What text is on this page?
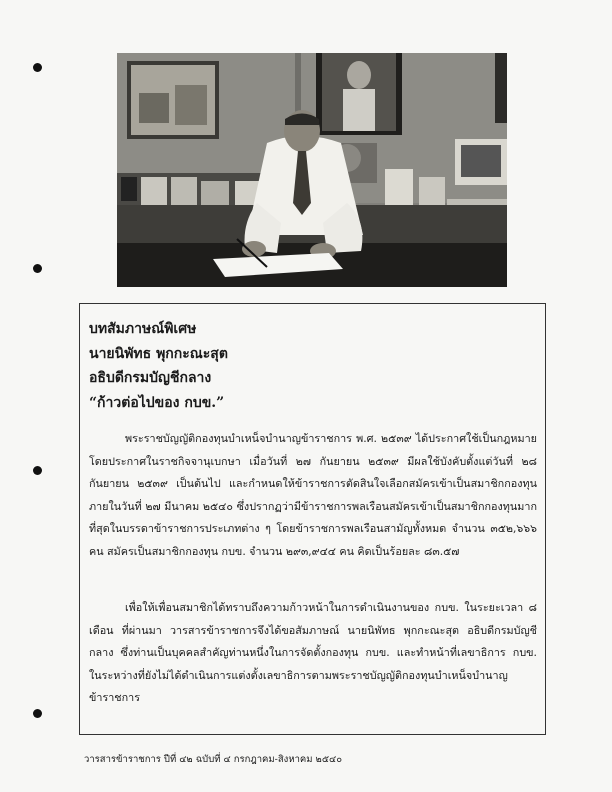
บทสัมภาษณ์พิเศษ
นายนิพัทธ พุกกะณะสุต
อธิบดีกรมบัญชีกลาง
“ก้าวต่อไปของ กบข.”

พระราชบัญญัติกองทุนบำเหน็จบำนาญข้าราชการ พ.ศ. ๒๕๓๙ ได้ประกาศใช้เป็นกฎหมาย โดยประกาศในราชกิจจานุเบกษา เมื่อวันที่ ๒๗ กันยายน ๒๕๓๙ มีผลใช้บังคับตั้งแต่วันที่ ๒๘ กันยายน ๒๕๓๙ เป็นต้นไป และกำหนดให้ข้าราชการตัดสินใจเลือกสมัครเข้าเป็นสมาชิกกองทุน ภายในวันที่ ๒๗ มีนาคม ๒๕๔๐ ซึ่งปรากฏว่ามีข้าราชการพลเรือนสมัครเข้าเป็นสมาชิกกองทุนมากที่สุดในบรรดาข้าราชการประเภทต่าง ๆ โดยข้าราชการพลเรือนสามัญทั้งหมด จำนวน ๓๕๒,๖๖๖ คน สมัครเป็นสมาชิกกองทุน กบข. จำนวน ๒๙๓,๙๔๔ คน คิดเป็นร้อยละ ๘๓.๕๗

เพื่อให้เพื่อนสมาชิกได้ทราบถึงความก้าวหน้าในการดำเนินงานของ กบข. ในระยะเวลา ๘ เดือน ที่ผ่านมา วารสารข้าราชการจึงได้ขอสัมภาษณ์ นายนิพัทธ พุกกะณะสุต อธิบดีกรมบัญชีกลาง ซึ่งท่านเป็นบุคคลสำคัญท่านหนึ่งในการจัดตั้งกองทุน กบข. และทำหน้าที่เลขาธิการ กบข. ในระหว่างที่ยังไม่ได้ดำเนินการแต่งตั้งเลขาธิการตามพระราชบัญญัติกองทุนบำเหน็จบำนาญข้าราชการ

วารสารข้าราชการ ปีที่ ๔๒ ฉบับที่ ๔ กรกฎาคม-สิงหาคม ๒๕๔๐
